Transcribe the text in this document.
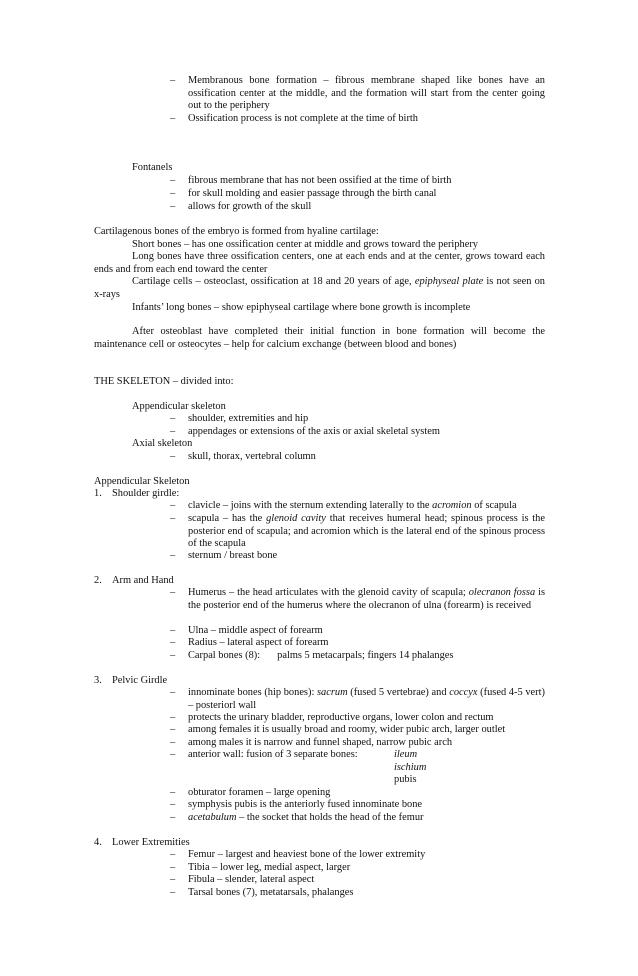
– Membranous bone formation – fibrous membrane shaped like bones have an ossification center at the middle, and the formation will start from the center going out to the periphery
– Ossification process is not complete at the time of birth
Fontanels
– fibrous membrane that has not been ossified at the time of birth
– for skull molding and easier passage through the birth canal
– allows for growth of the skull
Cartilagenous bones of the embryo is formed from hyaline cartilage:
Short bones – has one ossification center at middle and grows toward the periphery
Long bones have three ossification centers, one at each ends and at the center, grows toward each ends and from each end toward the center
Cartilage cells – osteoclast, ossification at 18 and 20 years of age, epiphyseal plate is not seen on x-rays
Infants’ long bones – show epiphyseal cartilage where bone growth is incomplete
After osteoblast have completed their initial function in bone formation will become the maintenance cell or osteocytes – help for calcium exchange (between blood and bones)
THE SKELETON – divided into:
Appendicular skeleton
– shoulder, extremities and hip
– appendages or extensions of the axis or axial skeletal system
Axial skeleton
– skull, thorax, vertebral column
Appendicular Skeleton
1. Shoulder girdle:
– clavicle – joins with the sternum extending laterally to the acromion of scapula
– scapula – has the glenoid cavity that receives humeral head; spinous process is the posterior end of scapula; and acromion which is the lateral end of the spinous process of the scapula
– sternum / breast bone
2. Arm and Hand
– Humerus – the head articulates with the glenoid cavity of scapula; olecranon fossa is the posterior end of the humerus where the olecranon of ulna (forearm) is received
– Ulna – middle aspect of forearm
– Radius – lateral aspect of forearm
– Carpal bones (8): palms 5 metacarpals; fingers 14 phalanges
3. Pelvic Girdle
– innominate bones (hip bones): sacrum (fused 5 vertebrae) and coccyx (fused 4-5 vert) – posteriorl wall
– protects the urinary bladder, reproductive organs, lower colon and rectum
– among females it is usually broad and roomy, wider pubic arch, larger outlet
– among males it is narrow and funnel shaped, narrow pubic arch
– anterior wall: fusion of 3 separate bones:	ileum
ischium
pubis
– obturator foramen – large opening
– symphysis pubis is the anteriorly fused innominate bone
– acetabulum – the socket that holds the head of the femur
4. Lower Extremities
– Femur – largest and heaviest bone of the lower extremity
– Tibia – lower leg, medial aspect, larger
– Fibula – slender, lateral aspect
– Tarsal bones (7), metatarsals, phalanges
